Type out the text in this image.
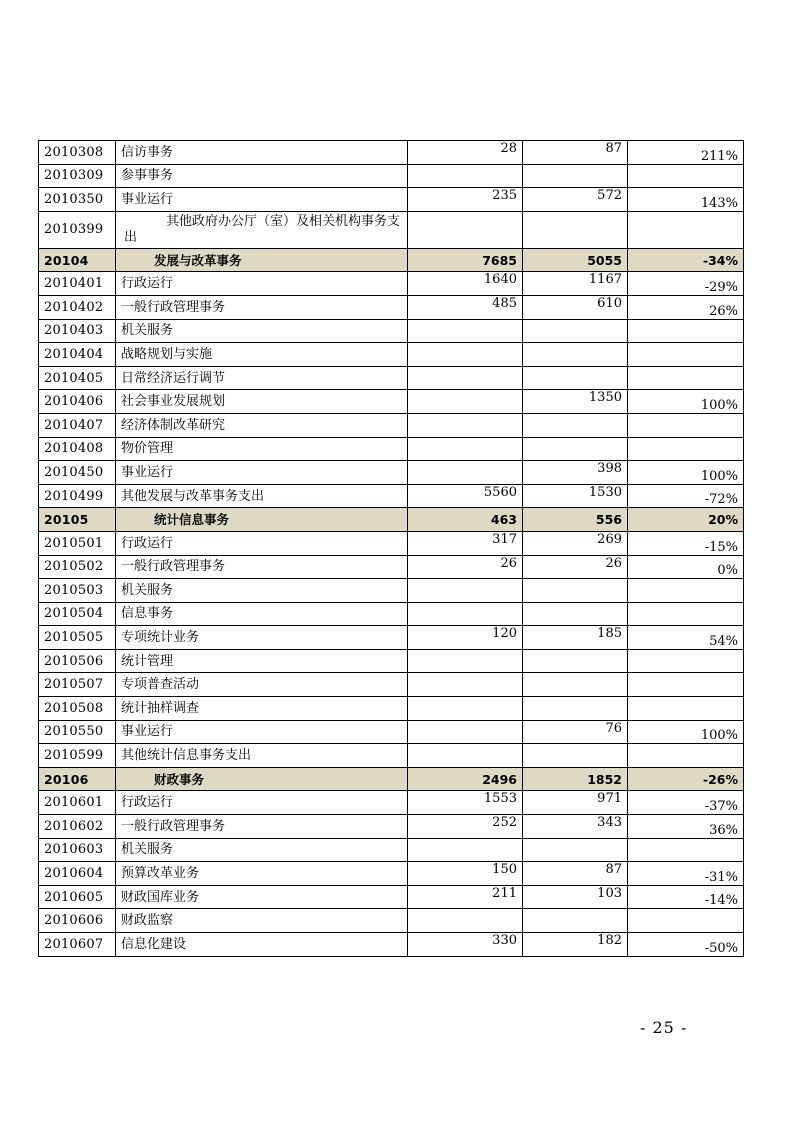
2010308	信访事务	28	87	211%
2010309	参事事务			
2010350	事业运行	235	572	143%
2010399	其他政府办公厅（室）及相关机构事务支出			
20104	发展与改革事务	7685	5055	-34%
2010401	行政运行	1640	1167	-29%
2010402	一般行政管理事务	485	610	26%
2010403	机关服务			
2010404	战略规划与实施			
2010405	日常经济运行调节			
2010406	社会事业发展规划		1350	100%
2010407	经济体制改革研究			
2010408	物价管理			
2010450	事业运行		398	100%
2010499	其他发展与改革事务支出	5560	1530	-72%
20105	统计信息事务	463	556	20%
2010501	行政运行	317	269	-15%
2010502	一般行政管理事务	26	26	0%
2010503	机关服务			
2010504	信息事务			
2010505	专项统计业务	120	185	54%
2010506	统计管理			
2010507	专项普查活动			
2010508	统计抽样调查			
2010550	事业运行		76	100%
2010599	其他统计信息事务支出			
20106	财政事务	2496	1852	-26%
2010601	行政运行	1553	971	-37%
2010602	一般行政管理事务	252	343	36%
2010603	机关服务			
2010604	预算改革业务	150	87	-31%
2010605	财政国库业务	211	103	-14%
2010606	财政监察			
2010607	信息化建设	330	182	-50%
- 25 -
